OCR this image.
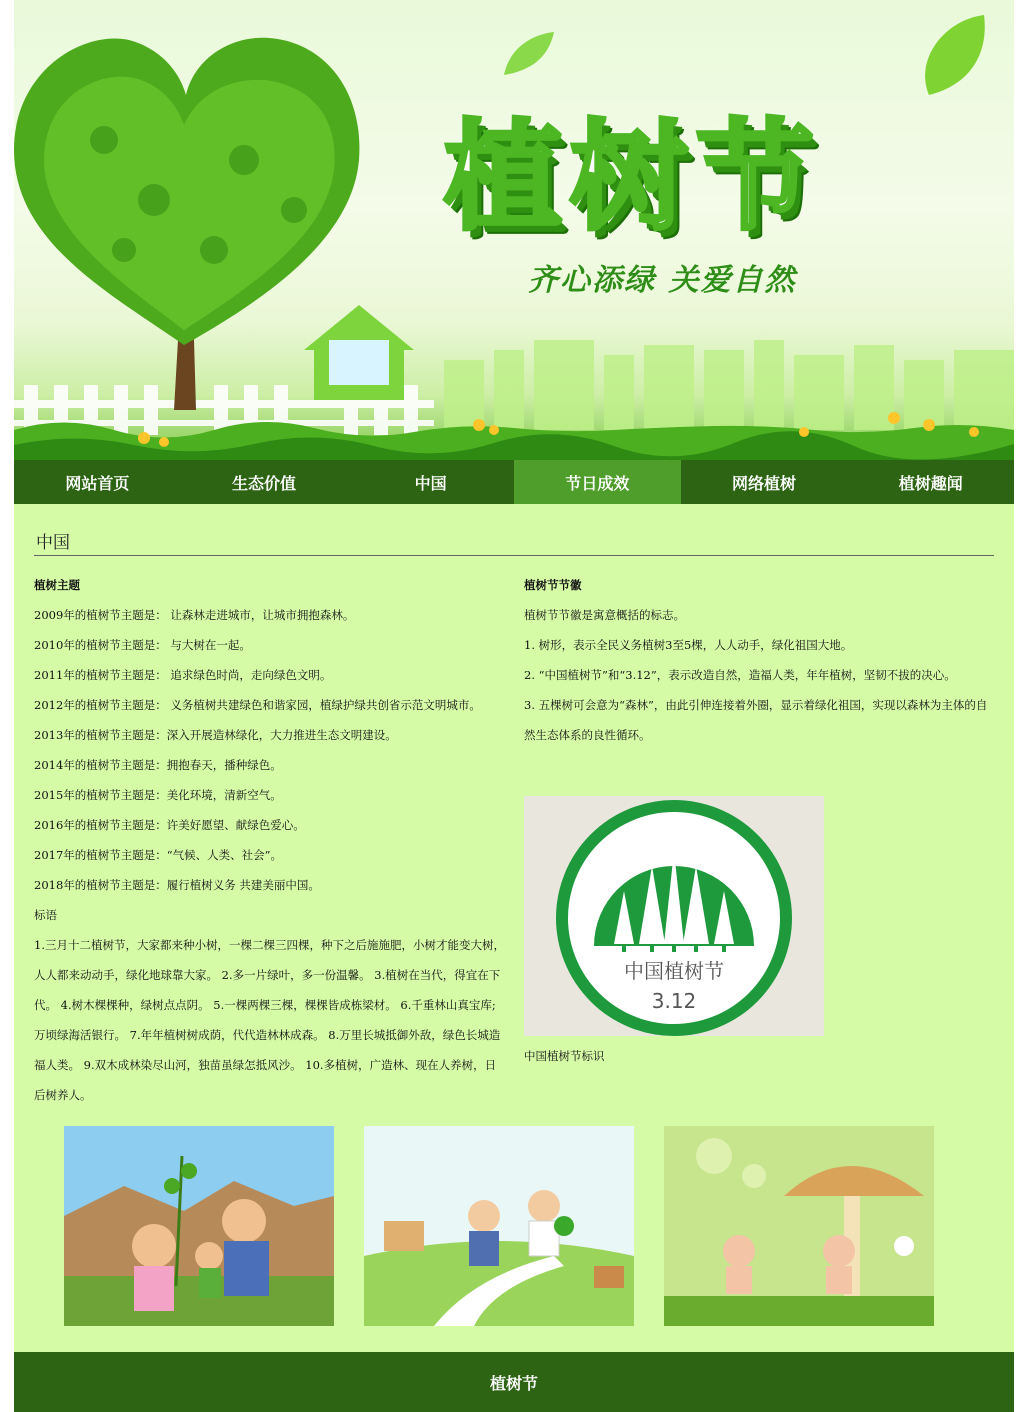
植树节
齐心添绿 关爱自然
网站首页	生态价值	中国	节日成效	网络植树	植树趣闻
中国

植树主题

2009年的植树节主题是： 让森林走进城市，让城市拥抱森林。

2010年的植树节主题是： 与大树在一起。

2011年的植树节主题是： 追求绿色时尚，走向绿色文明。

2012年的植树节主题是： 义务植树共建绿色和谐家园，植绿护绿共创省示范文明城市。

2013年的植树节主题是：深入开展造林绿化，大力推进生态文明建设。

2014年的植树节主题是：拥抱春天，播种绿色。

2015年的植树节主题是：美化环境，清新空气。

2016年的植树节主题是：许美好愿望、献绿色爱心。

2017年的植树节主题是：“气候、人类、社会”。

2018年的植树节主题是：履行植树义务 共建美丽中国。

标语

1.三月十二植树节，大家都来种小树，一棵二棵三四棵，种下之后施施肥，小树才能变大树，人人都来动动手，绿化地球靠大家。 2.多一片绿叶，多一份温馨。 3.植树在当代，得宜在下代。 4.树木棵棵种，绿树点点阴。 5.一棵两棵三棵，棵棵皆成栋梁材。 6.千重林山真宝库;万顷绿海活银行。 7.年年植树树成荫，代代造林林成森。 8.万里长城抵御外敌，绿色长城造福人类。 9.双木成林染尽山河，独苗虽绿怎抵风沙。 10.多植树，广造林、现在人养树，日后树养人。

植树节节徽

植树节节徽是寓意概括的标志。

1. 树形，表示全民义务植树3至5棵，人人动手，绿化祖国大地。

2. “中国植树节”和“3.12”，表示改造自然，造福人类，年年植树，坚韧不拔的决心。

3. 五棵树可会意为“森林”，由此引伸连接着外圈，显示着绿化祖国，实现以森林为主体的自然生态体系的良性循环。

中国植树节
3.12
中国植树节标识
植树节
